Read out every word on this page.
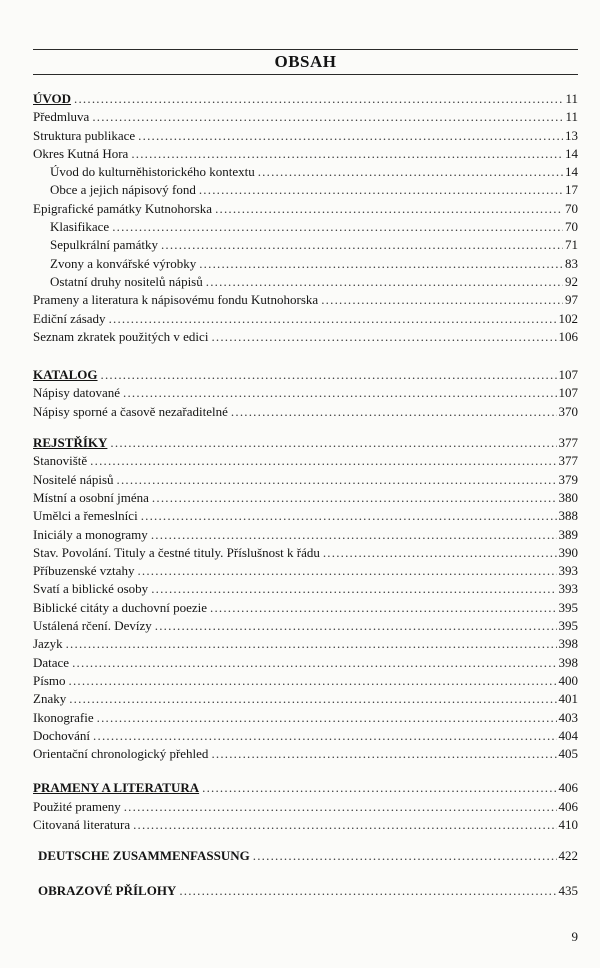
OBSAH
ÚVOD .....	11
Předmluva .....	11
Struktura publikace .....	13
Okres Kutná Hora .....	14
Úvod do kulturněhistorického kontextu .....	14
Obce a jejich nápisový fond .....	17
Epigrafické památky Kutnohorska .....	70
Klasifikace .....	70
Sepulkrální památky .....	71
Zvony a konvářské výrobky .....	83
Ostatní druhy nositelů nápisů .....	92
Prameny a literatura k nápisovému fondu Kutnohorska .....	97
Ediční zásady .....	102
Seznam zkratek použitých v edici .....	106
KATALOG .....	107
Nápisy datované .....	107
Nápisy sporné a časově nezařaditelné .....	370
REJSTŘÍKY .....	377
Stanoviště .....	377
Nositelé nápisů .....	379
Místní a osobní jména .....	380
Umělci a řemeslníci .....	388
Iniciály a monogramy .....	389
Stav. Povolání. Tituly a čestné tituly. Příslušnost k řádu .....	390
Příbuzenské vztahy .....	393
Svatí a biblické osoby .....	393
Biblické citáty a duchovní poezie .....	395
Ustálená rčení. Devízy .....	395
Jazyk .....	398
Datace .....	398
Písmo .....	400
Znaky .....	401
Ikonografie .....	403
Dochování .....	404
Orientační chronologický přehled .....	405
PRAMENY A LITERATURA .....	406
Použité prameny .....	406
Citovaná literatura .....	410
DEUTSCHE ZUSAMMENFASSUNG .....	422
OBRAZOVÉ PŘÍLOHY .....	435
9
